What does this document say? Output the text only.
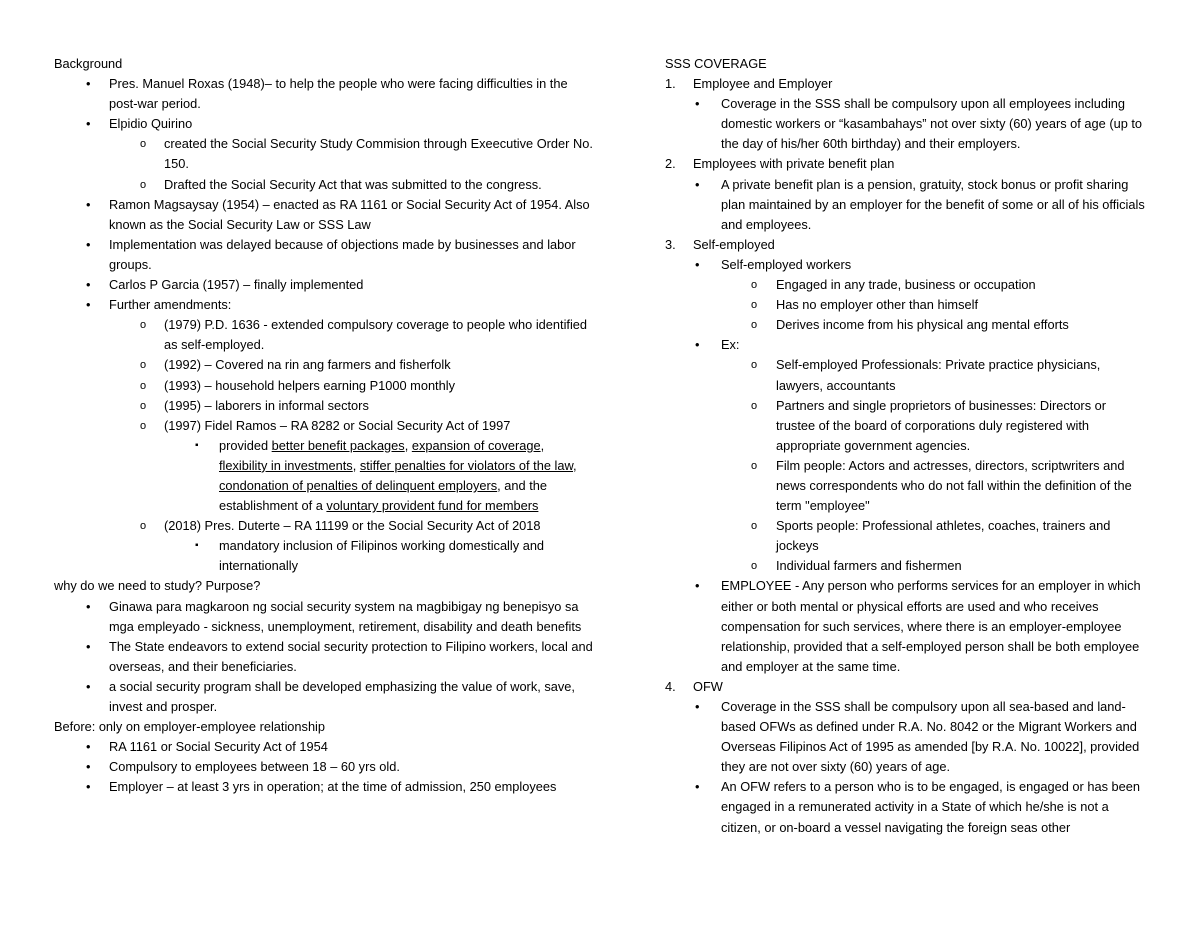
Background
• Pres. Manuel Roxas (1948)– to help the people who were facing difficulties in the post-war period.
• Elpidio Quirino
o created the Social Security Study Commision through Exeecutive Order No. 150.
o Drafted the Social Security Act that was submitted to the congress.
• Ramon Magsaysay (1954) – enacted as RA 1161 or Social Security Act of 1954. Also known as the Social Security Law or SSS Law
• Implementation was delayed because of objections made by businesses and labor groups.
• Carlos P Garcia (1957) – finally implemented
• Further amendments:
o (1979) P.D. 1636 - extended compulsory coverage to people who identified as self-employed.
o (1992) – Covered na rin ang farmers and fisherfolk
o (1993) – household helpers earning P1000 monthly
o (1995) – laborers in informal sectors
o (1997) Fidel Ramos – RA 8282 or Social Security Act of 1997
▪ provided better benefit packages, expansion of coverage, flexibility in investments, stiffer penalties for violators of the law, condonation of penalties of delinquent employers, and the establishment of a voluntary provident fund for members
o (2018) Pres. Duterte – RA 11199 or the Social Security Act of 2018
▪ mandatory inclusion of Filipinos working domestically and internationally
why do we need to study? Purpose?
• Ginawa para magkaroon ng social security system na magbibigay ng benepisyo sa mga empleyado - sickness, unemployment, retirement, disability and death benefits
• The State endeavors to extend social security protection to Filipino workers, local and overseas, and their beneficiaries.
• a social security program shall be developed emphasizing the value of work, save, invest and prosper.
Before: only on employer-employee relationship
• RA 1161 or Social Security Act of 1954
• Compulsory to employees between 18 – 60 yrs old.
• Employer – at least 3 yrs in operation; at the time of admission, 250 employees
SSS COVERAGE
1. Employee and Employer
• Coverage in the SSS shall be compulsory upon all employees including domestic workers or “kasambahays” not over sixty (60) years of age (up to the day of his/her 60th birthday) and their employers.
2. Employees with private benefit plan
• A private benefit plan is a pension, gratuity, stock bonus or profit sharing plan maintained by an employer for the benefit of some or all of his officials and employees.
3. Self-employed
• Self-employed workers
o Engaged in any trade, business or occupation
o Has no employer other than himself
o Derives income from his physical ang mental efforts
• Ex:
o Self-employed Professionals: Private practice physicians, lawyers, accountants
o Partners and single proprietors of businesses: Directors or trustee of the board of corporations duly registered with appropriate government agencies.
o Film people: Actors and actresses, directors, scriptwriters and news correspondents who do not fall within the definition of the term "employee"
o Sports people: Professional athletes, coaches, trainers and jockeys
o Individual farmers and fishermen
• EMPLOYEE - Any person who performs services for an employer in which either or both mental or physical efforts are used and who receives compensation for such services, where there is an employer-employee relationship, provided that a self-employed person shall be both employee and employer at the same time.
4. OFW
• Coverage in the SSS shall be compulsory upon all sea-based and land-based OFWs as defined under R.A. No. 8042 or the Migrant Workers and Overseas Filipinos Act of 1995 as amended [by R.A. No. 10022], provided they are not over sixty (60) years of age.
• An OFW refers to a person who is to be engaged, is engaged or has been engaged in a remunerated activity in a State of which he/she is not a citizen, or on-board a vessel navigating the foreign seas other
